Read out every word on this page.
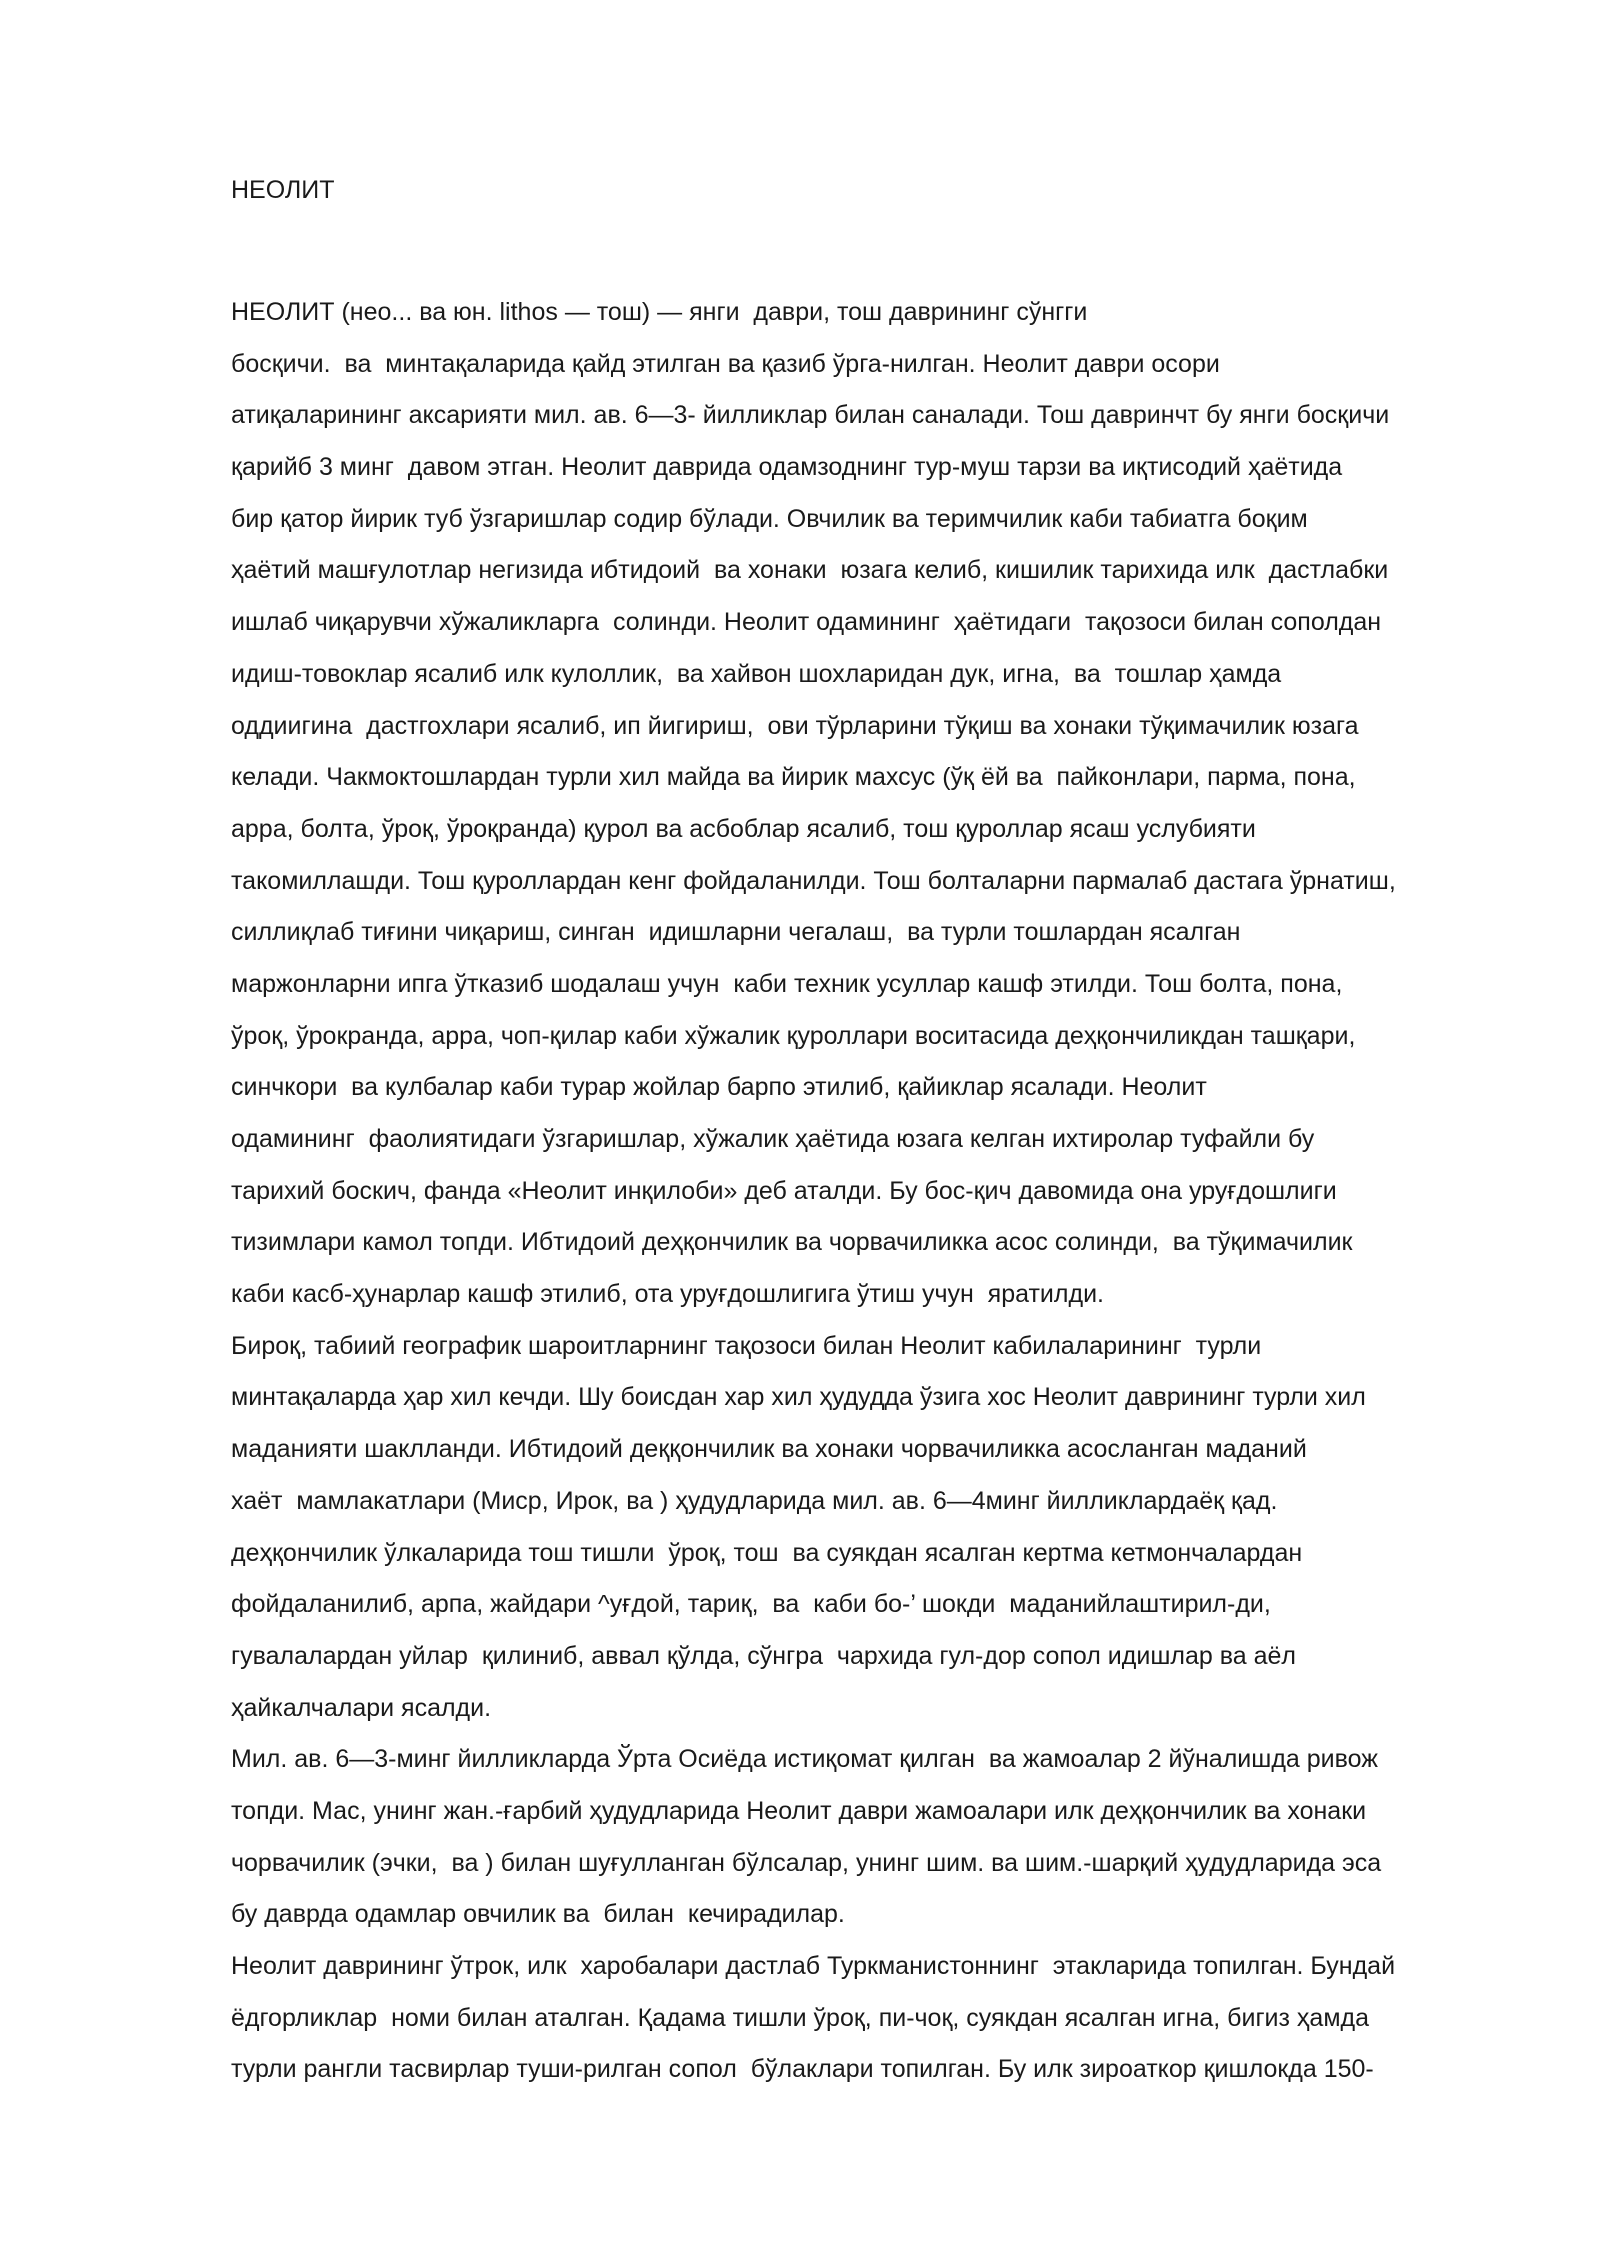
НЕОЛИТ
НЕОЛИТ (нео... ва юн. lithos — тош) — янги  даври, тош даврининг сўнгги
босқичи.  ва  минтақаларида қайд этилган ва қазиб ўрга-нилган. Неолит даври осори
атиқаларининг аксарияти мил. ав. 6—3- йилликлар билан саналади. Тош давринчт бу янги босқичи
қарийб 3 минг  давом этган. Неолит даврида одамзоднинг тур-муш тарзи ва иқтисодий ҳаётида
бир қатор йирик туб ўзгаришлар содир бўлади. Овчилик ва теримчилик каби табиатга боқим
ҳаётий машғулотлар негизида ибтидоий  ва хонаки  юзага келиб, кишилик тарихида илк  дастлабки
ишлаб чиқарувчи хўжаликларга  солинди. Неолит одамининг  ҳаётидаги  тақозоси билан сополдан
идиш-товоклар ясалиб илк кулоллик,  ва хайвон шохларидан дук, игна,  ва  тошлар ҳамда
оддиигина  дастгохлари ясалиб, ип йигириш,  ови тўрларини тўқиш ва хонаки тўқимачилик юзага
келади. Чакмоктошлардан турли хил майда ва йирик махсус (ўқ ёй ва  пайконлари, парма, пона,
арра, болта, ўроқ, ўроқранда) қурол ва асбоблар ясалиб, тош қуроллар ясаш услубияти
такомиллашди. Тош қуроллардан кенг фойдаланилди. Тош болталарни пармалаб дастага ўрнатиш,
силлиқлаб тиғини чиқариш, синган  идишларни чегалаш,  ва турли тошлардан ясалган
маржонларни ипга ўтказиб шодалаш учун  каби техник усуллар кашф этилди. Тош болта, пона,
ўроқ, ўрокранда, арра, чоп-қилар каби хўжалик қуроллари воситасида деҳқончиликдан ташқари,
синчкори  ва кулбалар каби турар жойлар барпо этилиб, қайиклар ясалади. Неолит
одамининг  фаолиятидаги ўзгаришлар, хўжалик ҳаётида юзага келган ихтиролар туфайли бу
тарихий боскич, фанда «Неолит инқилоби» деб аталди. Бу бос-қич давомида она уруғдошлиги
тизимлари камол топди. Ибтидоий деҳқончилик ва чорвачиликка асос солинди,  ва тўқимачилик
каби касб-ҳунарлар кашф этилиб, ота уруғдошлигига ўтиш учун  яратилди.
Бироқ, табиий географик шароитларнинг тақозоси билан Неолит кабилаларининг  турли
минтақаларда ҳар хил кечди. Шу боисдан хар хил ҳудудда ўзига хос Неолит даврининг турли хил
маданияти шаклланди. Ибтидоий деққончилик ва хонаки чорвачиликка асосланган маданий
хаёт  мамлакатлари (Миср, Ирок, ва ) ҳудудларида мил. ав. 6—4минг йилликлардаёқ қад.
деҳқончилик ўлкаларида тош тишли  ўроқ, тош  ва суякдан ясалган кертма кетмончалардан
фойдаланилиб, арпа, жайдари ^уғдой, тариқ,  ва  каби бо-’ шокди  маданийлаштирил-ди,
гувалалардан уйлар  қилиниб, аввал қўлда, сўнгра  чархида гул-дор сопол идишлар ва аёл
ҳайкалчалари ясалди.
Мил. ав. 6—3-минг йилликларда Ўрта Осиёда истиқомат қилган  ва жамоалар 2 йўналишда ривож
топди. Мас, унинг жан.-ғарбий ҳудудларида Неолит даври жамоалари илк деҳқончилик ва хонаки
чорвачилик (эчки,  ва ) билан шуғулланган бўлсалар, унинг шим. ва шим.-шарқий ҳудудларида эса
бу даврда одамлар овчилик ва  билан  кечирадилар.
Неолит даврининг ўтрок, илк  харобалари дастлаб Туркманистоннинг  этакларида топилган. Бундай
ёдгорликлар  номи билан аталган. Қадама тишли ўроқ, пи-чоқ, суякдан ясалган игна, бигиз ҳамда
турли рангли тасвирлар туши-рилган сопол  бўлаклари топилган. Бу илк зироаткор қишлокда 150-
